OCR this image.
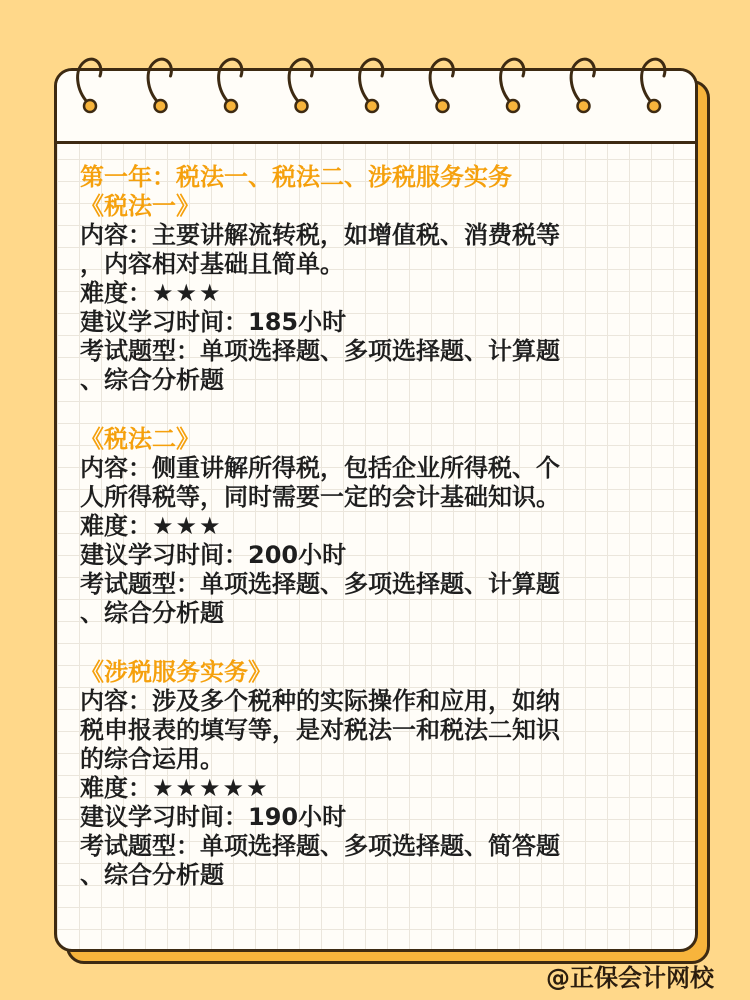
第一年：税法一、税法二、涉税服务实务
《税法一》
内容：主要讲解流转税，如增值税、消费税等
，内容相对基础且简单。
难度：★★★
建议学习时间：185小时
考试题型：单项选择题、多项选择题、计算题
、综合分析题
《税法二》
内容：侧重讲解所得税，包括企业所得税、个
人所得税等，同时需要一定的会计基础知识。
难度：★★★
建议学习时间：200小时
考试题型：单项选择题、多项选择题、计算题
、综合分析题
《涉税服务实务》
内容：涉及多个税种的实际操作和应用，如纳
税申报表的填写等，是对税法一和税法二知识
的综合运用。
难度：★★★★★
建议学习时间：190小时
考试题型：单项选择题、多项选择题、简答题
、综合分析题
@正保会计网校
